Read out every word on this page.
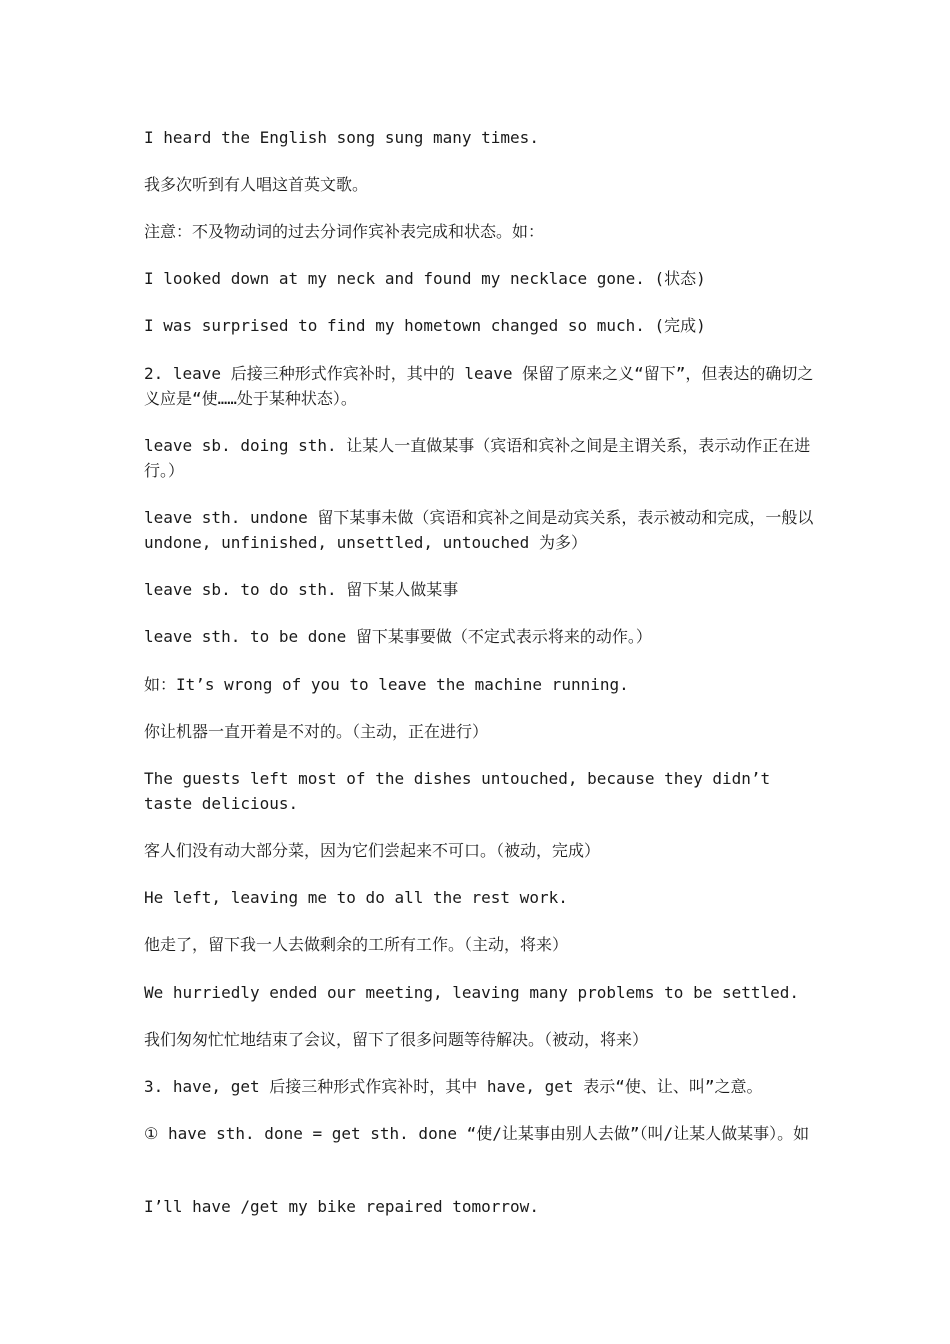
I heard the English song sung many times.

我多次听到有人唱这首英文歌。

注意：不及物动词的过去分词作宾补表完成和状态。如：

I looked down at my neck and found my necklace gone. (状态)

I was surprised to find my hometown changed so much. (完成)

2. leave 后接三种形式作宾补时，其中的 leave 保留了原来之义“留下”，但表达的确切之义应是“使……处于某种状态）。

leave sb. doing sth. 让某人一直做某事（宾语和宾补之间是主谓关系，表示动作正在进行。）

leave sth. undone 留下某事未做（宾语和宾补之间是动宾关系，表示被动和完成，一般以 undone, unfinished, unsettled, untouched 为多）

leave sb. to do sth. 留下某人做某事

leave sth. to be done 留下某事要做（不定式表示将来的动作。）

如：It’s wrong of you to leave the machine running.

你让机器一直开着是不对的。（主动，正在进行）

The guests left most of the dishes untouched, because they didn’t taste delicious.

客人们没有动大部分菜，因为它们尝起来不可口。（被动，完成）

He left, leaving me to do all the rest work.

他走了，留下我一人去做剩余的工所有工作。（主动，将来）

We hurriedly ended our meeting, leaving many problems to be settled.

我们匆匆忙忙地结束了会议，留下了很多问题等待解决。（被动，将来）

3. have, get 后接三种形式作宾补时，其中 have, get 表示“使、让、叫”之意。

① have sth. done = get sth. done “使/让某事由别人去做”（叫/让某人做某事）。如

I’ll have /get my bike repaired tomorrow.
